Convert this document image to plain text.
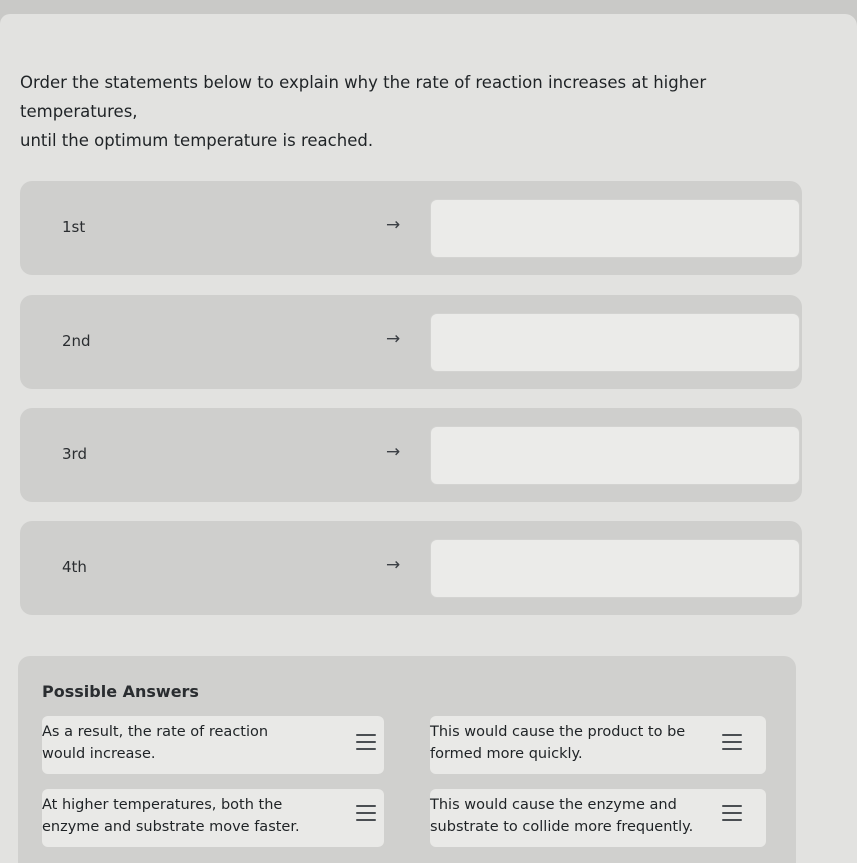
Order the statements below to explain why the rate of reaction increases at higher temperatures,
until the optimum temperature is reached.
1st	→
2nd	→
3rd	→
4th	→
Possible Answers
As a result, the rate of reaction
would increase.
This would cause the product to be
formed more quickly.
At higher temperatures, both the
enzyme and substrate move faster.
This would cause the enzyme and
substrate to collide more frequently.
